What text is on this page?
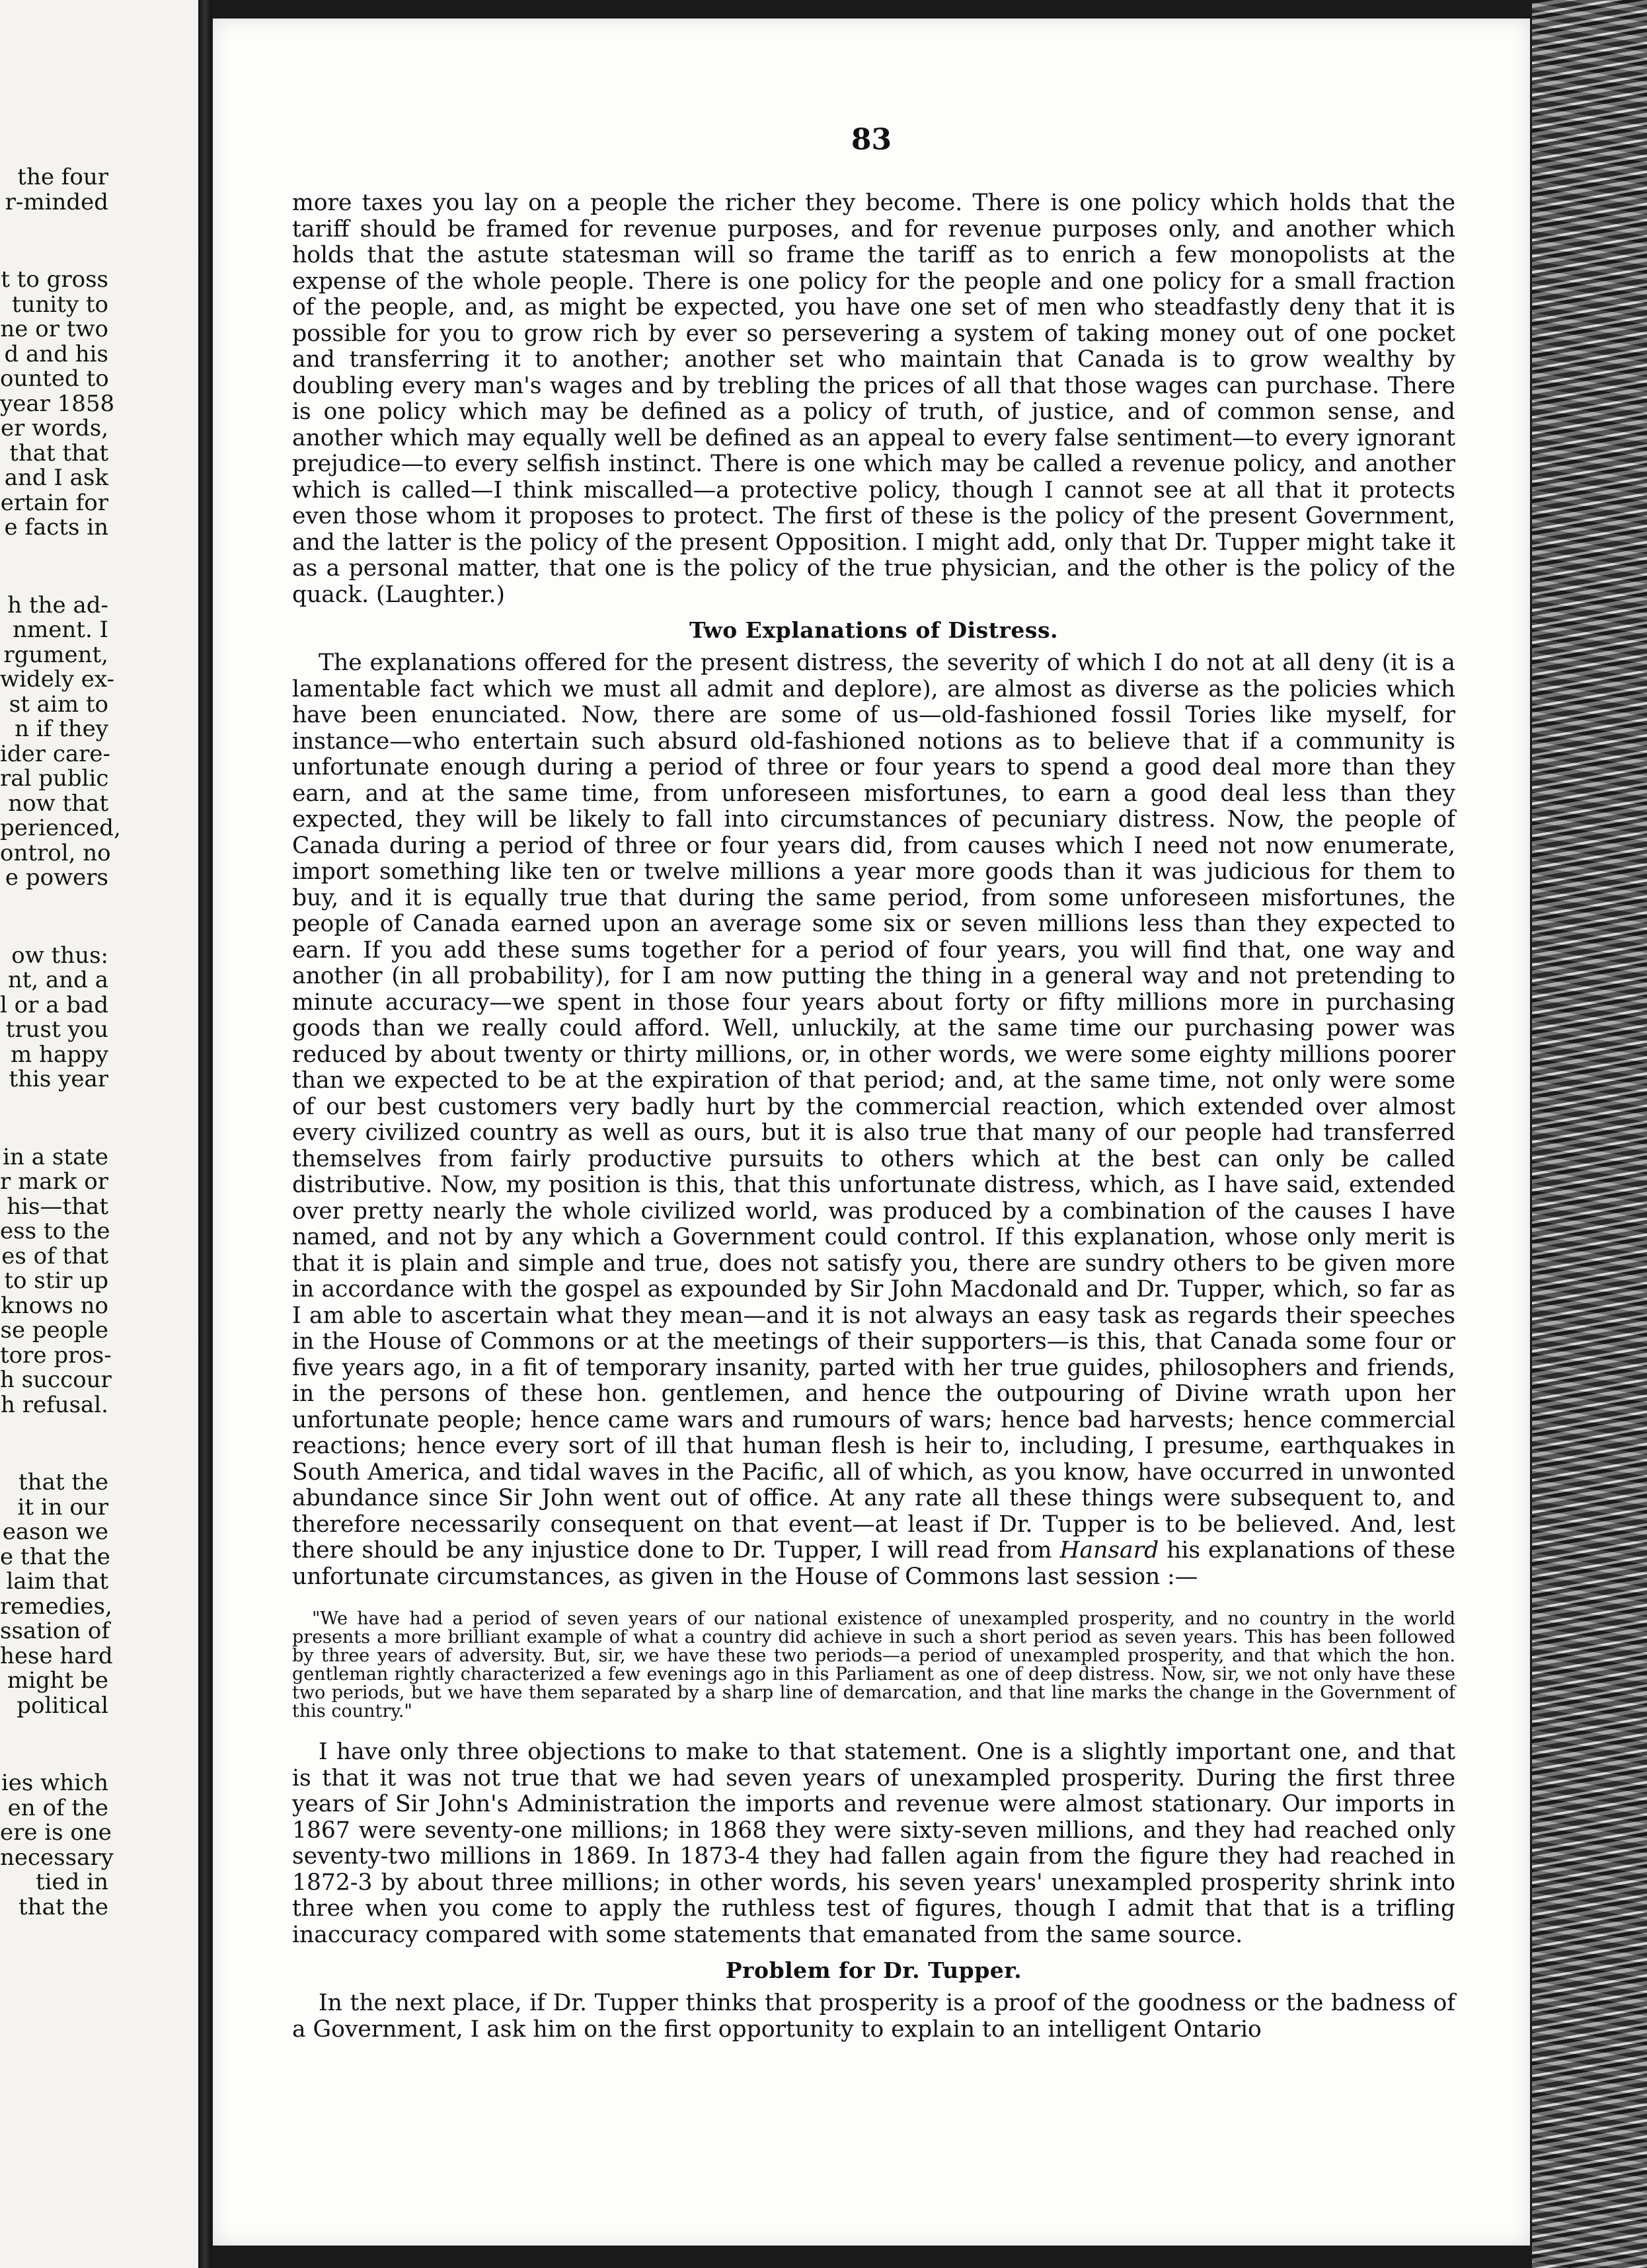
the four
r-minded
t to gross
tunity to
ne or two
d and his
ounted to
year 1858
er words,
that that
and I ask
ertain for
e facts in
h the ad-
nment. I
rgument,
widely ex-
st aim to
n if they
ider care-
ral public
now that
perienced,
ontrol, no
e powers
ow thus:
nt, and a
l or a bad
trust you
m happy
this year
in a state
r mark or
his—that
ess to the
es of that
to stir up
knows no
se people
tore pros-
h succour
h refusal.
that the
it in our
eason we
e that the
laim that
remedies,
ssation of
hese hard
might be
political
ies which
en of the
ere is one
necessary
tied in
that the
83

more taxes you lay on a people the richer they become. There is one policy which holds that the tariff should be framed for revenue purposes, and for revenue purposes only, and another which holds that the astute statesman will so frame the tariff as to enrich a few monopolists at the expense of the whole people. There is one policy for the people and one policy for a small fraction of the people, and, as might be expected, you have one set of men who steadfastly deny that it is possible for you to grow rich by ever so persevering a system of taking money out of one pocket and transferring it to another; another set who maintain that Canada is to grow wealthy by doubling every man's wages and by trebling the prices of all that those wages can purchase. There is one policy which may be defined as a policy of truth, of justice, and of common sense, and another which may equally well be defined as an appeal to every false sentiment—to every ignorant prejudice—to every selfish instinct. There is one which may be called a revenue policy, and another which is called—I think miscalled—a protective policy, though I cannot see at all that it protects even those whom it proposes to protect. The first of these is the policy of the present Government, and the latter is the policy of the present Opposition. I might add, only that Dr. Tupper might take it as a personal matter, that one is the policy of the true physician, and the other is the policy of the quack. (Laughter.)

Two Explanations of Distress.

The explanations offered for the present distress, the severity of which I do not at all deny (it is a lamentable fact which we must all admit and deplore), are almost as diverse as the policies which have been enunciated. Now, there are some of us—old-fashioned fossil Tories like myself, for instance—who entertain such absurd old-fashioned notions as to believe that if a community is unfortunate enough during a period of three or four years to spend a good deal more than they earn, and at the same time, from unforeseen misfortunes, to earn a good deal less than they expected, they will be likely to fall into circumstances of pecuniary distress. Now, the people of Canada during a period of three or four years did, from causes which I need not now enumerate, import something like ten or twelve millions a year more goods than it was judicious for them to buy, and it is equally true that during the same period, from some unforeseen misfortunes, the people of Canada earned upon an average some six or seven millions less than they expected to earn. If you add these sums together for a period of four years, you will find that, one way and another (in all probability), for I am now putting the thing in a general way and not pretending to minute accuracy—we spent in those four years about forty or fifty millions more in purchasing goods than we really could afford. Well, unluckily, at the same time our purchasing power was reduced by about twenty or thirty millions, or, in other words, we were some eighty millions poorer than we expected to be at the expiration of that period; and, at the same time, not only were some of our best customers very badly hurt by the commercial reaction, which extended over almost every civilized country as well as ours, but it is also true that many of our people had transferred themselves from fairly productive pursuits to others which at the best can only be called distributive. Now, my position is this, that this unfortunate distress, which, as I have said, extended over pretty nearly the whole civilized world, was produced by a combination of the causes I have named, and not by any which a Government could control. If this explanation, whose only merit is that it is plain and simple and true, does not satisfy you, there are sundry others to be given more in accordance with the gospel as expounded by Sir John Macdonald and Dr. Tupper, which, so far as I am able to ascertain what they mean—and it is not always an easy task as regards their speeches in the House of Commons or at the meetings of their supporters—is this, that Canada some four or five years ago, in a fit of temporary insanity, parted with her true guides, philosophers and friends, in the persons of these hon. gentlemen, and hence the outpouring of Divine wrath upon her unfortunate people; hence came wars and rumours of wars; hence bad harvests; hence commercial reactions; hence every sort of ill that human flesh is heir to, including, I presume, earthquakes in South America, and tidal waves in the Pacific, all of which, as you know, have occurred in unwonted abundance since Sir John went out of office. At any rate all these things were subsequent to, and therefore necessarily consequent on that event—at least if Dr. Tupper is to be believed. And, lest there should be any injustice done to Dr. Tupper, I will read from Hansard his explanations of these unfortunate circumstances, as given in the House of Commons last session :—

"We have had a period of seven years of our national existence of unexampled prosperity, and no country in the world presents a more brilliant example of what a country did achieve in such a short period as seven years. This has been followed by three years of adversity. But, sir, we have these two periods—a period of unexampled prosperity, and that which the hon. gentleman rightly characterized a few evenings ago in this Parliament as one of deep distress. Now, sir, we not only have these two periods, but we have them separated by a sharp line of demarcation, and that line marks the change in the Government of this country."

I have only three objections to make to that statement. One is a slightly important one, and that is that it was not true that we had seven years of unexampled prosperity. During the first three years of Sir John's Administration the imports and revenue were almost stationary. Our imports in 1867 were seventy-one millions; in 1868 they were sixty-seven millions, and they had reached only seventy-two millions in 1869. In 1873-4 they had fallen again from the figure they had reached in 1872-3 by about three millions; in other words, his seven years' unexampled prosperity shrink into three when you come to apply the ruthless test of figures, though I admit that that is a trifling inaccuracy compared with some statements that emanated from the same source.

Problem for Dr. Tupper.

In the next place, if Dr. Tupper thinks that prosperity is a proof of the goodness or the badness of a Government, I ask him on the first opportunity to explain to an intelligent Ontario
